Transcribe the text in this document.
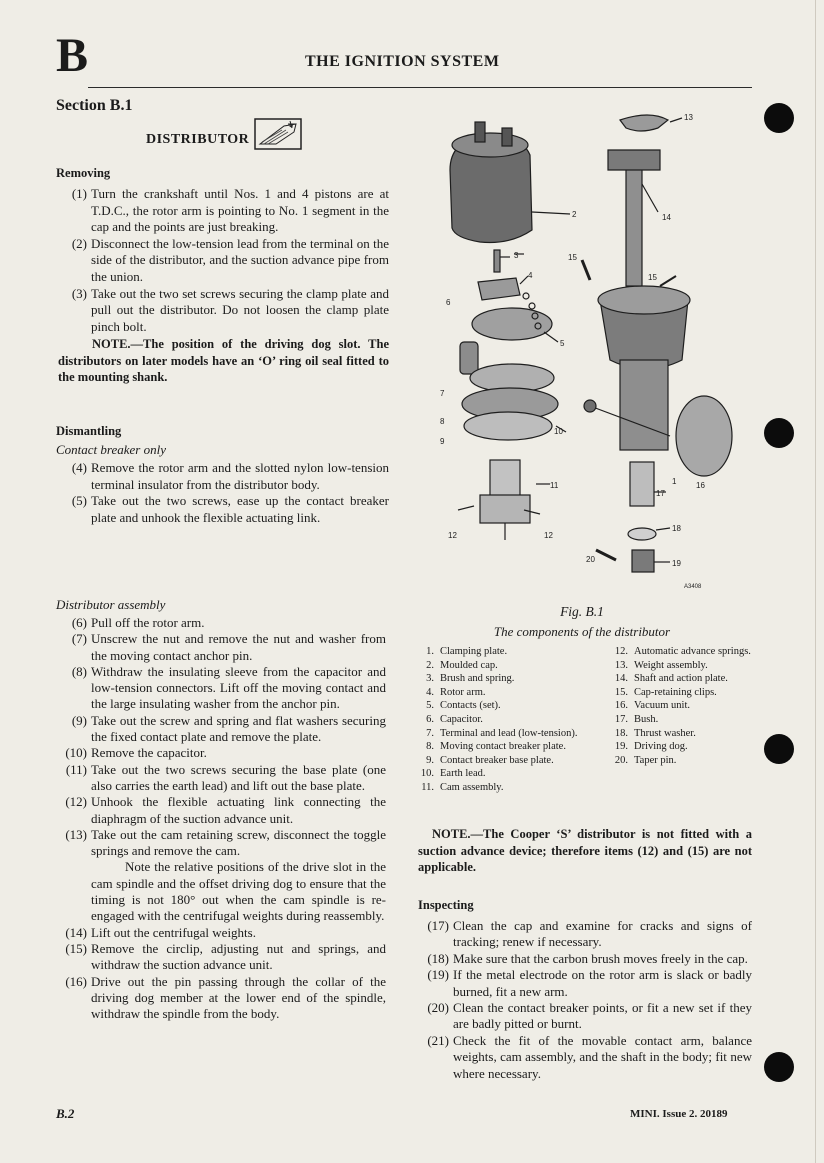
B	THE IGNITION SYSTEM
Section B.1
DISTRIBUTOR
Removing
(1) Turn the crankshaft until Nos. 1 and 4 pistons are at T.D.C., the rotor arm is pointing to No. 1 segment in the cap and the points are just breaking.
(2) Disconnect the low-tension lead from the terminal on the side of the distributor, and the suction advance pipe from the union.
(3) Take out the two set screws securing the clamp plate and pull out the distributor. Do not loosen the clamp plate pinch bolt.
NOTE.—The position of the driving dog slot. The distributors on later models have an ‘O’ ring oil seal fitted to the mounting shank.
Dismantling
Contact breaker only
(4) Remove the rotor arm and the slotted nylon low-tension terminal insulator from the distributor body.
(5) Take out the two screws, ease up the contact breaker plate and unhook the flexible actuating link.
Distributor assembly
(6) Pull off the rotor arm.
(7) Unscrew the nut and remove the nut and washer from the moving contact anchor pin.
(8) Withdraw the insulating sleeve from the capacitor and low-tension connectors. Lift off the moving contact and the large insulating washer from the anchor pin.
(9) Take out the screw and spring and flat washers securing the fixed contact plate and remove the plate.
(10) Remove the capacitor.
(11) Take out the two screws securing the base plate (one also carries the earth lead) and lift out the base plate.
(12) Unhook the flexible actuating link connecting the diaphragm of the suction advance unit.
(13) Take out the cam retaining screw, disconnect the toggle springs and remove the cam.
Note the relative positions of the drive slot in the cam spindle and the offset driving dog to ensure that the timing is not 180° out when the cam spindle is re-engaged with the centrifugal weights during reassembly.
(14) Lift out the centrifugal weights.
(15) Remove the circlip, adjusting nut and springs, and withdraw the suction advance unit.
(16) Drive out the pin passing through the collar of the driving dog member at the lower end of the spindle, withdraw the spindle from the body.
1
2
3
4
5
6
7
8
9
10
11
12	12
13
14
15
15
16
17
18
20	19
A3408
Fig. B.1
The components of the distributor
1. Clamping plate.
2. Moulded cap.
3. Brush and spring.
4. Rotor arm.
5. Contacts (set).
6. Capacitor.
7. Terminal and lead (low-tension).
8. Moving contact breaker plate.
9. Contact breaker base plate.
10. Earth lead.
11. Cam assembly.
12. Automatic advance springs.
13. Weight assembly.
14. Shaft and action plate.
15. Cap-retaining clips.
16. Vacuum unit.
17. Bush.
18. Thrust washer.
19. Driving dog.
20. Taper pin.
NOTE.—The Cooper ‘S’ distributor is not fitted with a suction advance device; therefore items (12) and (15) are not applicable.
Inspecting
(17) Clean the cap and examine for cracks and signs of tracking; renew if necessary.
(18) Make sure that the carbon brush moves freely in the cap.
(19) If the metal electrode on the rotor arm is slack or badly burned, fit a new arm.
(20) Clean the contact breaker points, or fit a new set if they are badly pitted or burnt.
(21) Check the fit of the movable contact arm, balance weights, cam assembly, and the shaft in the body; fit new where necessary.
B.2	MINI. Issue 2. 20189
